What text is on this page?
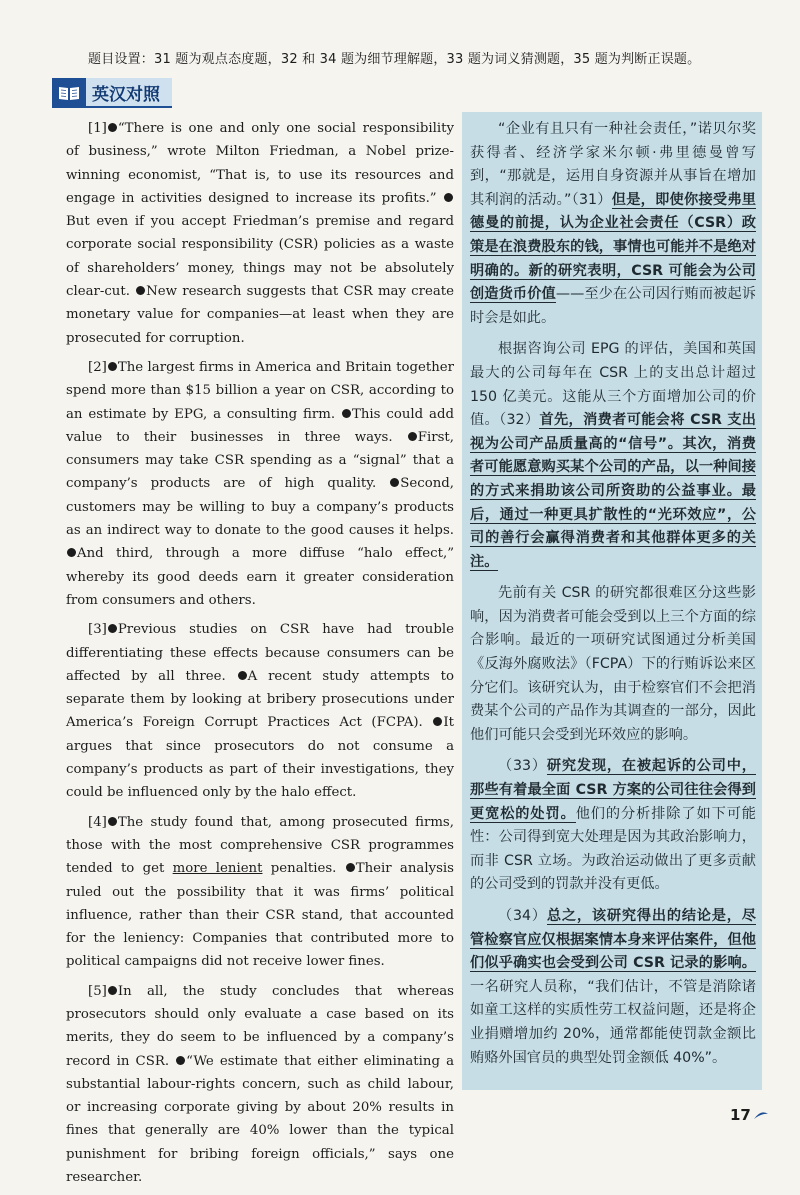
题目设置：31 题为观点态度题，32 和 34 题为细节理解题，33 题为词义猜测题，35 题为判断正误题。
英汉对照

[1] “There is one and only one social responsibility of business,” wrote Milton Friedman, a Nobel prize-winning economist, “That is, to use its resources and engage in activities designed to increase its profits.” But even if you accept Friedman’s premise and regard corporate social responsibility (CSR) policies as a waste of shareholders’ money, things may not be absolutely clear-cut. New research suggests that CSR may create monetary value for companies—at least when they are prosecuted for corruption.

[2] The largest firms in America and Britain together spend more than $15 billion a year on CSR, according to an estimate by EPG, a consulting firm. This could add value to their businesses in three ways. First, consumers may take CSR spending as a “signal” that a company’s products are of high quality. Second, customers may be willing to buy a company’s products as an indirect way to donate to the good causes it helps. And third, through a more diffuse “halo effect,” whereby its good deeds earn it greater consideration from consumers and others.

[3] Previous studies on CSR have had trouble differentiating these effects because consumers can be affected by all three. A recent study attempts to separate them by looking at bribery prosecutions under America’s Foreign Corrupt Practices Act (FCPA). It argues that since prosecutors do not consume a company’s products as part of their investigations, they could be influenced only by the halo effect.

[4] The study found that, among prosecuted firms, those with the most comprehensive CSR programmes tended to get more lenient penalties. Their analysis ruled out the possibility that it was firms’ political influence, rather than their CSR stand, that accounted for the leniency: Companies that contributed more to political campaigns did not receive lower fines.

[5] In all, the study concludes that whereas prosecutors should only evaluate a case based on its merits, they do seem to be influenced by a company’s record in CSR. “We estimate that either eliminating a substantial labour-rights concern, such as child labour, or increasing corporate giving by about 20% results in fines that generally are 40% lower than the typical punishment for bribing foreign officials,” says one researcher.

“企业有且只有一种社会责任，”诺贝尔奖获得者、经济学家米尔顿·弗里德曼曾写到，“那就是，运用自身资源并从事旨在增加其利润的活动。”（31）但是，即使你接受弗里德曼的前提，认为企业社会责任（CSR）政策是在浪费股东的钱，事情也可能并不是绝对明确的。新的研究表明，CSR 可能会为公司创造货币价值——至少在公司因行贿而被起诉时会是如此。

根据咨询公司 EPG 的评估，美国和英国最大的公司每年在 CSR 上的支出总计超过 150 亿美元。这能从三个方面增加公司的价值。（32）首先，消费者可能会将 CSR 支出视为公司产品质量高的“信号”。其次，消费者可能愿意购买某个公司的产品，以一种间接的方式来捐助该公司所资助的公益事业。最后，通过一种更具扩散性的“光环效应”，公司的善行会赢得消费者和其他群体更多的关注。

先前有关 CSR 的研究都很难区分这些影响，因为消费者可能会受到以上三个方面的综合影响。最近的一项研究试图通过分析美国《反海外腐败法》（FCPA）下的行贿诉讼来区分它们。该研究认为，由于检察官们不会把消费某个公司的产品作为其调查的一部分，因此他们可能只会受到光环效应的影响。

（33）研究发现，在被起诉的公司中，那些有着最全面 CSR 方案的公司往往会得到更宽松的处罚。他们的分析排除了如下可能性：公司得到宽大处理是因为其政治影响力，而非 CSR 立场。为政治运动做出了更多贡献的公司受到的罚款并没有更低。

（34）总之，该研究得出的结论是，尽管检察官应仅根据案情本身来评估案件，但他们似乎确实也会受到公司 CSR 记录的影响。一名研究人员称，“我们估计，不管是消除诸如童工这样的实质性劳工权益问题，还是将企业捐赠增加约 20%，通常都能使罚款金额比贿赂外国官员的典型处罚金额低 40%”。

17
